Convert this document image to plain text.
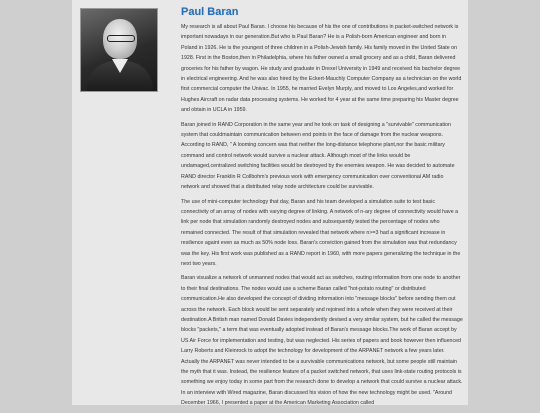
Paul Baran

My research is all about Paul Baran. I choose his because of his the one of contributions in packet-switched network is important nowadays in our generation.But who is Paul Baran? He is a Polish-born American engineer and born in Poland in 1926. He is the youngest of three children in a Polish-Jewish family. His family moved in the United State on 1928. First in the Boston,then in Philadelphia, where his father owned a small grocery and as a child, Baran delivered groceries for his father by wagon. He study and graduate in Drexel University in 1949 and received his bachelor degree in electrical engineering. And he was also hired by the Eckert-Mauchly Computer Company as a technician on the world first commercial computer the Univac. In 1955, he married Evelyn Murply, and moved to Los Angeles,and worked for Hughes Aircraft on radar data processing systems. He worked for 4 year at the same time preparing his Master degree and obtain in UCLA in 1959.

Baran joined in RAND Corporation in the same year and he took on task of designing a "survivable" communication system that couldmaintain communication between end points in the face of damage from the nuclear weapons. According to RAND, " A looming concern was that neither the long-distance telephone plant,nor the basic military command and control network would survive a nuclear attack. Although most of the links would be undamaged,centralized switching facilities would be destroyed by the enemies weapon. He was decided to automate RAND director Franklin R Collbohm's previous work with emergency communication over conventional AM radio network and showed that a distributed relay node architecture could be survivable.

The use of mini-computer technology that day, Baran and his team developed a simulation suite to test basic connectivity of an array of nodes with varying degree of linking. A network of n-ary degree of connectivity would have a link per node that simulation randomly destroyed nodes and subsequently tested the percentage of nodes who remained connected. The result of that simulation revealed that network where n>=3 had a significant increase in resilience againt even as much as 50% node loss. Baran's conviction gained from the simulation was that redundancy was the key. His first work was published as a RAND report in 1960, with more papers generalizing the technique in the next two years.

Baran visualize a network of unmanned nodes that would act as switches, routing information from one node to another to their final destinations. The nodes would use a scheme Baran called "hot-potato routing" or distributed communication.He also developed the concept of dividing information into "message blocks" before sending them out across the network. Each block would be sent separately and rejoined into a whole when they were received at their destination.A British man named Donald Davies independently devised a very similar system, but he called the message blocks "packets," a term that was eventually adopted instead of Baran's message blocks.The work of Baran accept by US Air Force for implementation and testing, but was neglected. His series of papers and book however then influenced Larry Roberts and Kleinrock to adopt the technology for development of the ARPANET network a few years later. Actually the ARPANET was never intended to be a survivable communications network, but some people still maintain the myth that it was. Instead, the resilience feature of a packet switched network, that uses link-state routing protocols is something we enjoy today in some part from the research done to develop a network that could survive a nuclear attack. In an interview with Wired magazine, Baran discussed his vision of how the new technology might be used. "Around December 1966, I presented a paper at the American Marketing Association called
